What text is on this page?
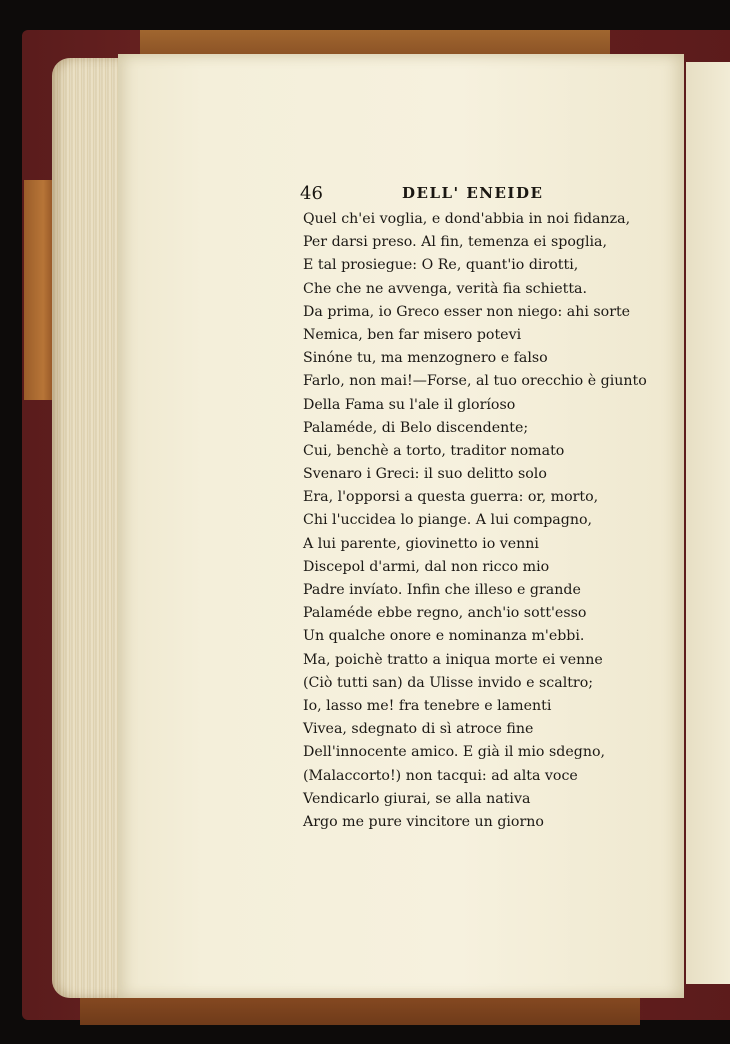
46	DELL' ENEIDE
Quel ch'ei voglia, e dond'abbia in noi fidanza,
Per darsi preso. Al fin, temenza ei spoglia,
E tal prosiegue: O Re, quant'io dirotti,
Che che ne avvenga, verità fia schietta.
Da prima, io Greco esser non niego: ahi sorte
Nemica, ben far misero potevi
Sinóne tu, ma menzognero e falso
Farlo, non mai!—Forse, al tuo orecchio è giunto
Della Fama su l'ale il gloríoso
Palaméde, di Belo discendente;
Cui, benchè a torto, traditor nomato
Svenaro i Greci: il suo delitto solo
Era, l'opporsi a questa guerra: or, morto,
Chi l'uccidea lo piange. A lui compagno,
A lui parente, giovinetto io venni
Discepol d'armi, dal non ricco mio
Padre invíato. Infin che illeso e grande
Palaméde ebbe regno, anch'io sott'esso
Un qualche onore e nominanza m'ebbi.
Ma, poichè tratto a iniqua morte ei venne
(Ciò tutti san) da Ulisse invido e scaltro;
Io, lasso me! fra tenebre e lamenti
Vivea, sdegnato di sì atroce fine
Dell'innocente amico. E già il mio sdegno,
(Malaccorto!) non tacqui: ad alta voce
Vendicarlo giurai, se alla nativa
Argo me pure vincitore un giorno
